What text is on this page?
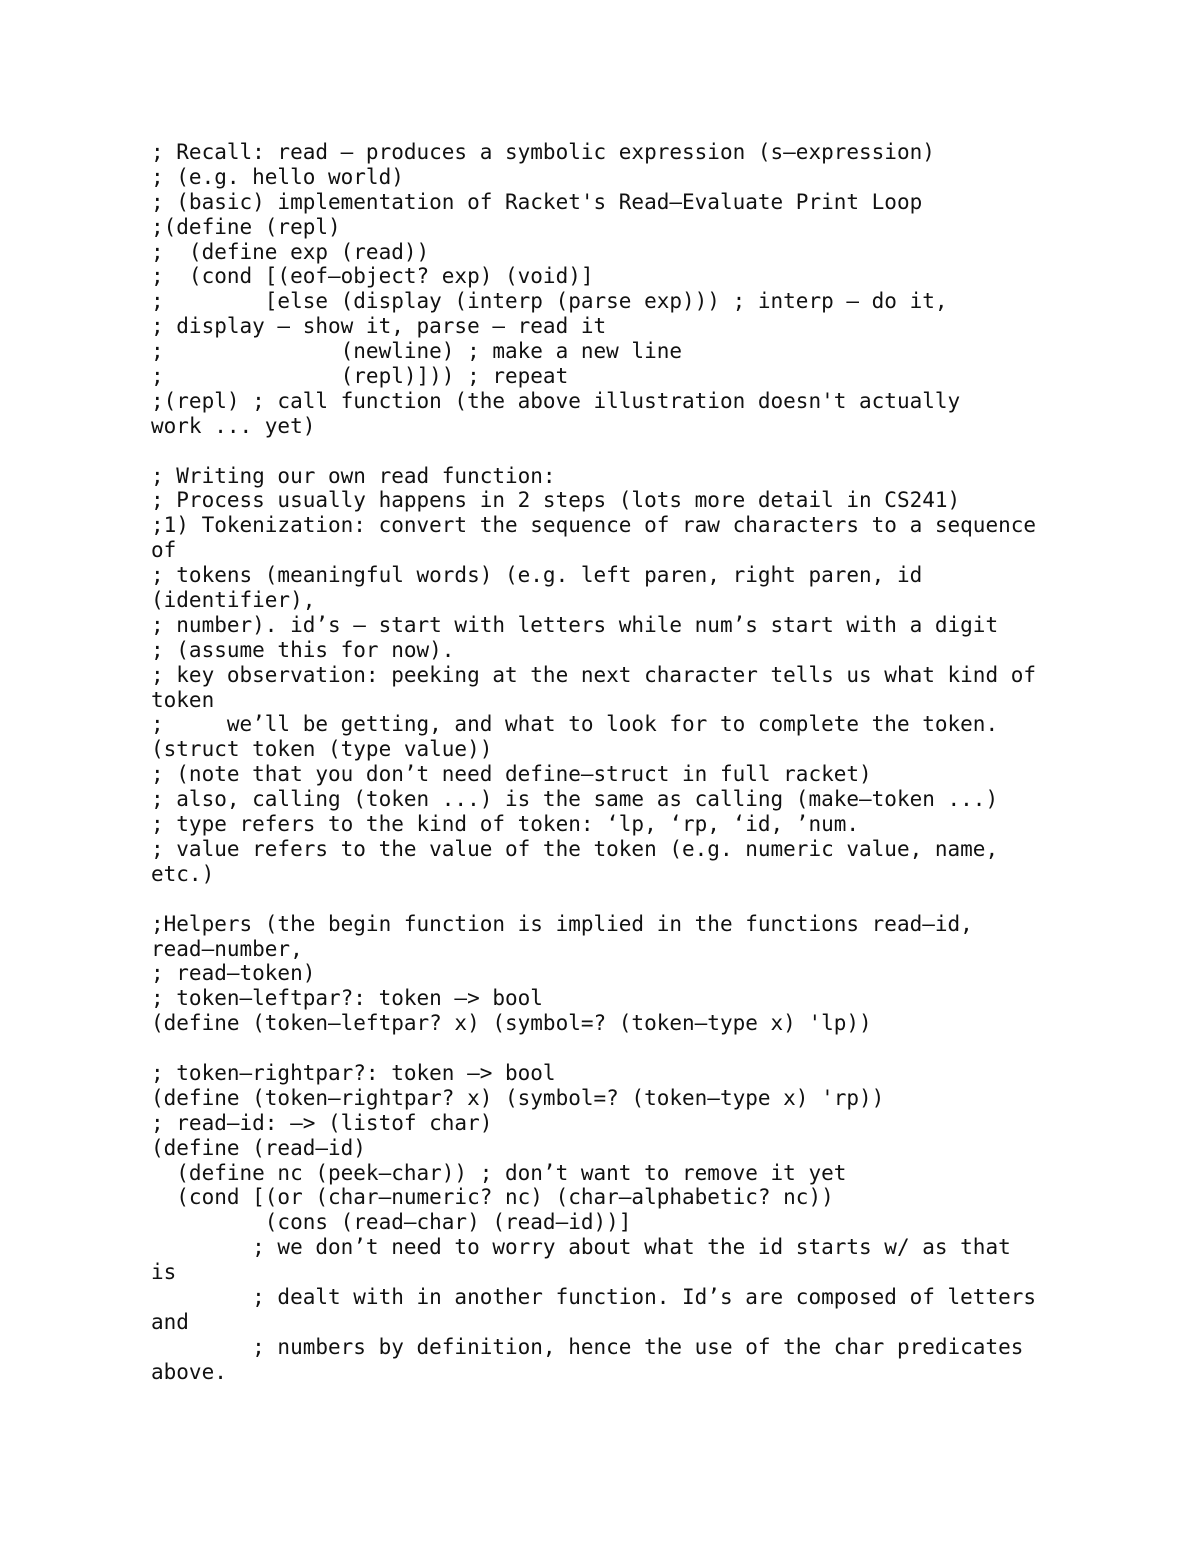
; Recall: read – produces a symbolic expression (s–expression)
; (e.g. hello world)
; (basic) implementation of Racket's Read–Evaluate Print Loop
;(define (repl)
;  (define exp (read))
;  (cond [(eof–object? exp) (void)]
;        [else (display (interp (parse exp))) ; interp – do it,
; display – show it, parse – read it
;              (newline) ; make a new line
;              (repl)])) ; repeat
;(repl) ; call function (the above illustration doesn't actually
work ... yet)
; Writing our own read function:
; Process usually happens in 2 steps (lots more detail in CS241)
;1) Tokenization: convert the sequence of raw characters to a sequence
of
; tokens (meaningful words) (e.g. left paren, right paren, id
(identifier),
; number). id’s – start with letters while num’s start with a digit
; (assume this for now).
; key observation: peeking at the next character tells us what kind of
token
;     we’ll be getting, and what to look for to complete the token.
(struct token (type value))
; (note that you don’t need define–struct in full racket)
; also, calling (token ...) is the same as calling (make–token ...)
; type refers to the kind of token: ‘lp, ‘rp, ‘id, ’num.
; value refers to the value of the token (e.g. numeric value, name,
etc.)
;Helpers (the begin function is implied in the functions read–id,
read–number,
; read–token)
; token–leftpar?: token –> bool
(define (token–leftpar? x) (symbol=? (token–type x) 'lp))
; token–rightpar?: token –> bool
(define (token–rightpar? x) (symbol=? (token–type x) 'rp))
; read–id: –> (listof char)
(define (read–id)
(define nc (peek–char)) ; don’t want to remove it yet
(cond [(or (char–numeric? nc) (char–alphabetic? nc))
(cons (read–char) (read–id))]
; we don’t need to worry about what the id starts w/ as that
is
; dealt with in another function. Id’s are composed of letters
and
; numbers by definition, hence the use of the char predicates
above.
